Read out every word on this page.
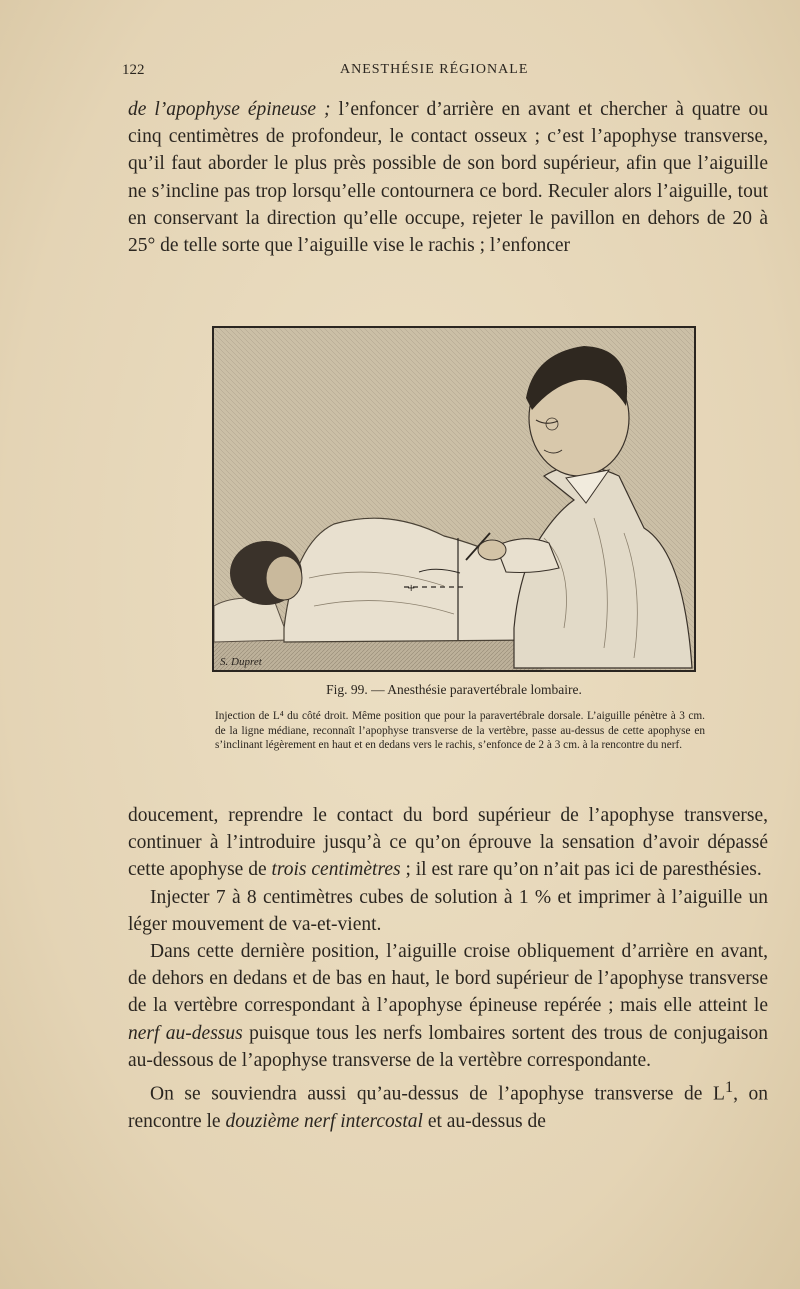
122	ANESTHÉSIE RÉGIONALE

de l’apophyse épineuse ; l’enfoncer d’arrière en avant et chercher à quatre ou cinq centimètres de profondeur, le contact osseux ; c’est l’apophyse transverse, qu’il faut aborder le plus près possible de son bord supérieur, afin que l’aiguille ne s’incline pas trop lorsqu’elle contournera ce bord. Reculer alors l’aiguille, tout en conservant la direction qu’elle occupe, rejeter le pavillon en dehors de 20 à 25° de telle sorte que l’aiguille vise le rachis ; l’enfoncer

+
S. Dupret
Fig. 99. — Anesthésie paravertébrale lombaire.

Injection de L⁴ du côté droit. Même position que pour la paravertébrale dorsale. L’aiguille pénètre à 3 cm. de la ligne médiane, reconnaît l’apophyse transverse de la vertèbre, passe au-dessus de cette apophyse en s’inclinant légèrement en haut et en dedans vers le rachis, s’enfonce de 2 à 3 cm. à la rencontre du nerf.

doucement, reprendre le contact du bord supérieur de l’apophyse transverse, continuer à l’introduire jusqu’à ce qu’on éprouve la sensation d’avoir dépassé cette apophyse de trois centimètres ; il est rare qu’on n’ait pas ici de paresthésies.

Injecter 7 à 8 centimètres cubes de solution à 1 % et imprimer à l’aiguille un léger mouvement de va-et-vient.

Dans cette dernière position, l’aiguille croise obliquement d’arrière en avant, de dehors en dedans et de bas en haut, le bord supérieur de l’apophyse transverse de la vertèbre correspondant à l’apophyse épineuse repérée ; mais elle atteint le nerf au-dessus puisque tous les nerfs lombaires sortent des trous de conjugaison au-dessous de l’apophyse transverse de la vertèbre correspondante.

On se souviendra aussi qu’au-dessus de l’apophyse transverse de $L^1$, on rencontre le douzième nerf intercostal et au-dessus de
